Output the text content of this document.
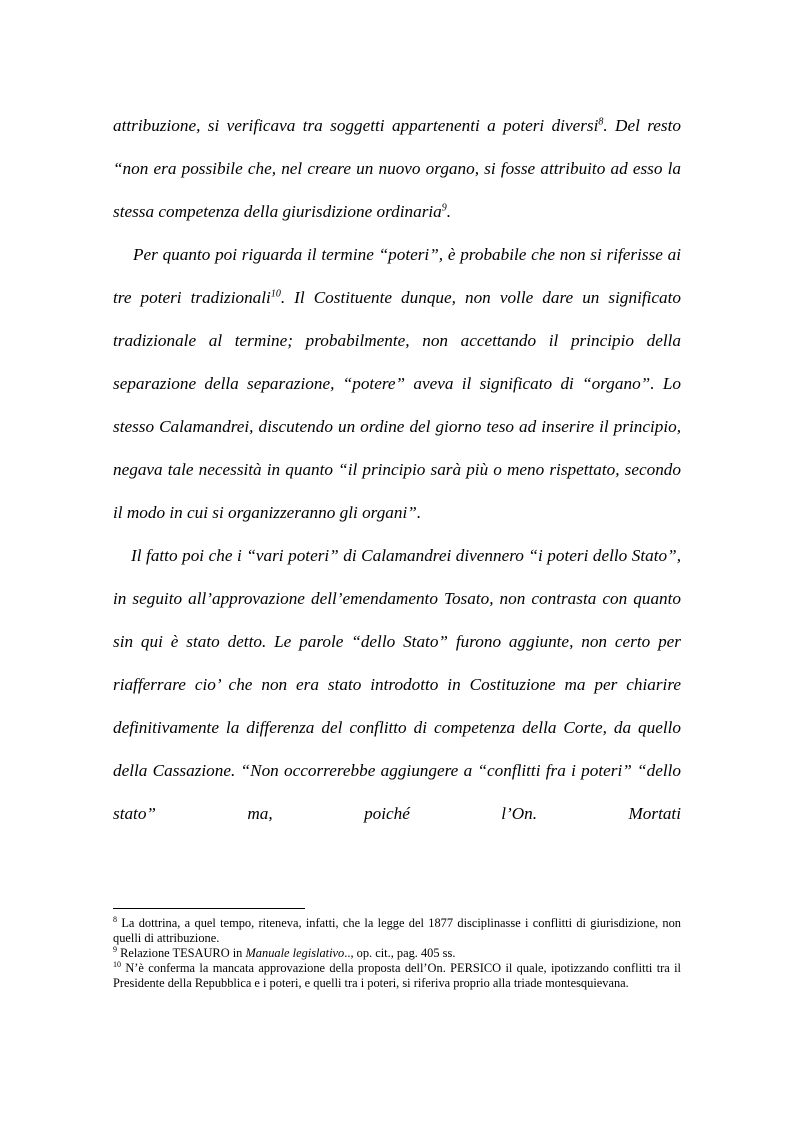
attribuzione, si verificava tra soggetti appartenenti a poteri diversi$^8$. Del resto “non era possibile che, nel creare un nuovo organo, si fosse attribuito ad esso la stessa competenza della giurisdizione ordinaria$^9$.

Per quanto poi riguarda il termine “poteri”, è probabile che non si riferisse ai tre poteri tradizionali$^{10}$. Il Costituente dunque, non volle dare un significato tradizionale al termine; probabilmente, non accettando il principio della separazione della separazione, “potere” aveva il significato di “organo”. Lo stesso Calamandrei, discutendo un ordine del giorno teso ad inserire il principio, negava tale necessità in quanto “il principio sarà più o meno rispettato, secondo il modo in cui si organizzeranno gli organi”.

Il fatto poi che i “vari poteri” di Calamandrei divennero “i poteri dello Stato”, in seguito all’approvazione dell’emendamento Tosato, non contrasta con quanto sin qui è stato detto. Le parole “dello Stato” furono aggiunte, non certo per riafferrare cio’ che non era stato introdotto in Costituzione ma per chiarire definitivamente la differenza del conflitto di competenza della Corte, da quello della Cassazione. “Non occorrerebbe aggiungere a “conflitti fra i poteri” “dello stato” ma, poiché l’On. Mortati

$^8$ La dottrina, a quel tempo, riteneva, infatti, che la legge del 1877 disciplinasse i conflitti di giurisdizione, non quelli di attribuzione.

$^9$ Relazione TESAURO in Manuale legislativo.., op. cit., pag. 405 ss.

$^{10}$ N’è conferma la mancata approvazione della proposta dell’On. PERSICO il quale, ipotizzando conflitti tra il Presidente della Repubblica e i poteri, e quelli tra i poteri, si riferiva proprio alla triade montesquievana.
